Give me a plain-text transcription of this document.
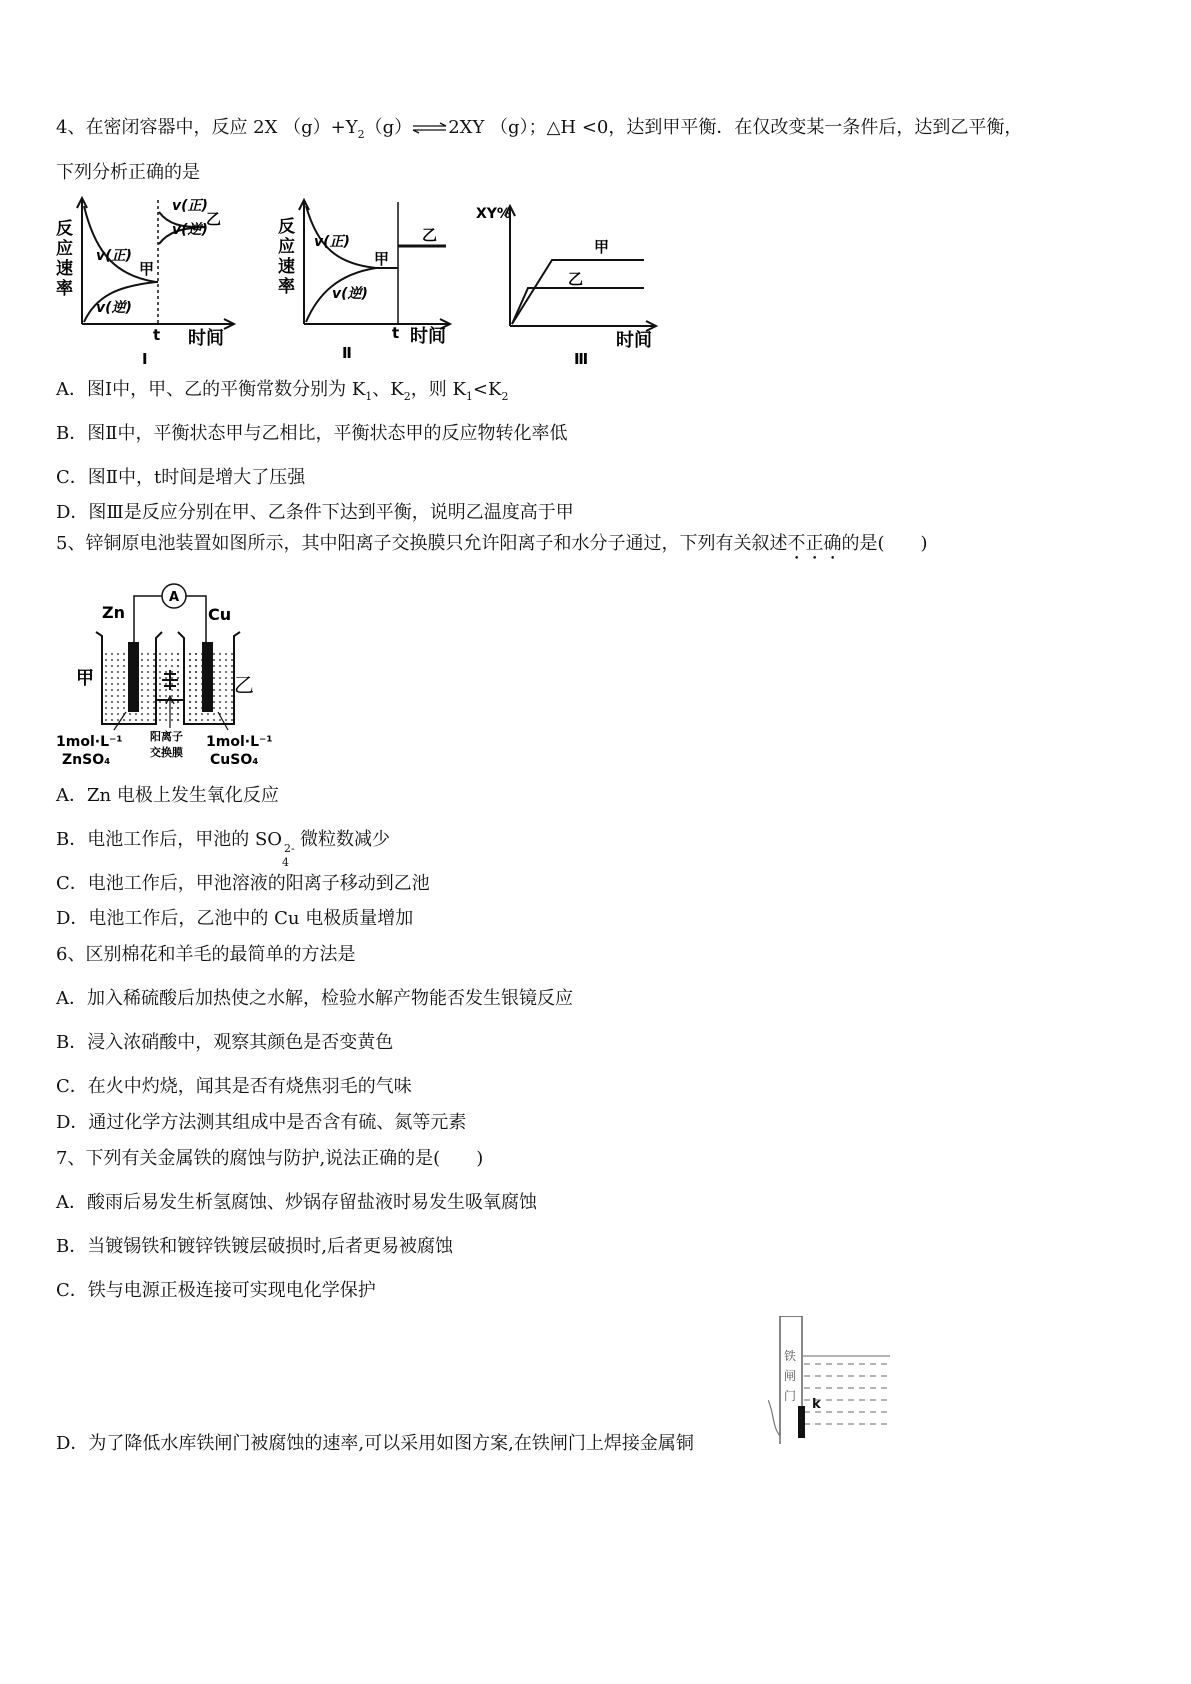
4、在密闭容器中，反应 2X $(g)+Y_2(g)\rightleftharpoons 2XY$ （g）；△H <0，达到甲平衡．在仅改变某一条件后，达到乙平衡，
下列分析正确的是
反
应
速
率
v(正)
v(逆)
v(正)
v(逆)
甲
乙
t 时间
Ⅰ
反
应
速
率
v(正)
v(逆)
甲
乙
t 时间
Ⅱ
XY%
甲
乙
时间
Ⅲ
A．图Ⅰ中，甲、乙的平衡常数分别为 $K_1$、$K_2$，则 $K_1<K_2$
B．图Ⅱ中，平衡状态甲与乙相比，平衡状态甲的反应物转化率低
C．图Ⅱ中，t时间是增大了压强
D．图Ⅲ是反应分别在甲、乙条件下达到平衡，说明乙温度高于甲
5、锌铜原电池装置如图所示，其中阳离子交换膜只允许阳离子和水分子通过，下列有关叙述不正确的是(　　)
A
Zn	Cu
甲	乙
1mol·L⁻¹
ZnSO₄
阳离子
交换膜
1mol·L⁻¹
CuSO₄
A．Zn 电极上发生氧化反应
B．电池工作后，甲池的 SO
4
2- 微粒数减少
C．电池工作后，甲池溶液的阳离子移动到乙池
D．电池工作后，乙池中的 Cu 电极质量增加
6、区别棉花和羊毛的最简单的方法是
A．加入稀硫酸后加热使之水解，检验水解产物能否发生银镜反应
B．浸入浓硝酸中，观察其颜色是否变黄色
C．在火中灼烧，闻其是否有烧焦羽毛的气味
D．通过化学方法测其组成中是否含有硫、氮等元素
7、下列有关金属铁的腐蚀与防护,说法正确的是(　　)
A．酸雨后易发生析氢腐蚀、炒锅存留盐液时易发生吸氧腐蚀
B．当镀锡铁和镀锌铁镀层破损时,后者更易被腐蚀
C．铁与电源正极连接可实现电化学保护
D．为了降低水库铁闸门被腐蚀的速率,可以采用如图方案,在铁闸门上焊接金属铜
铁
闸
门
k
